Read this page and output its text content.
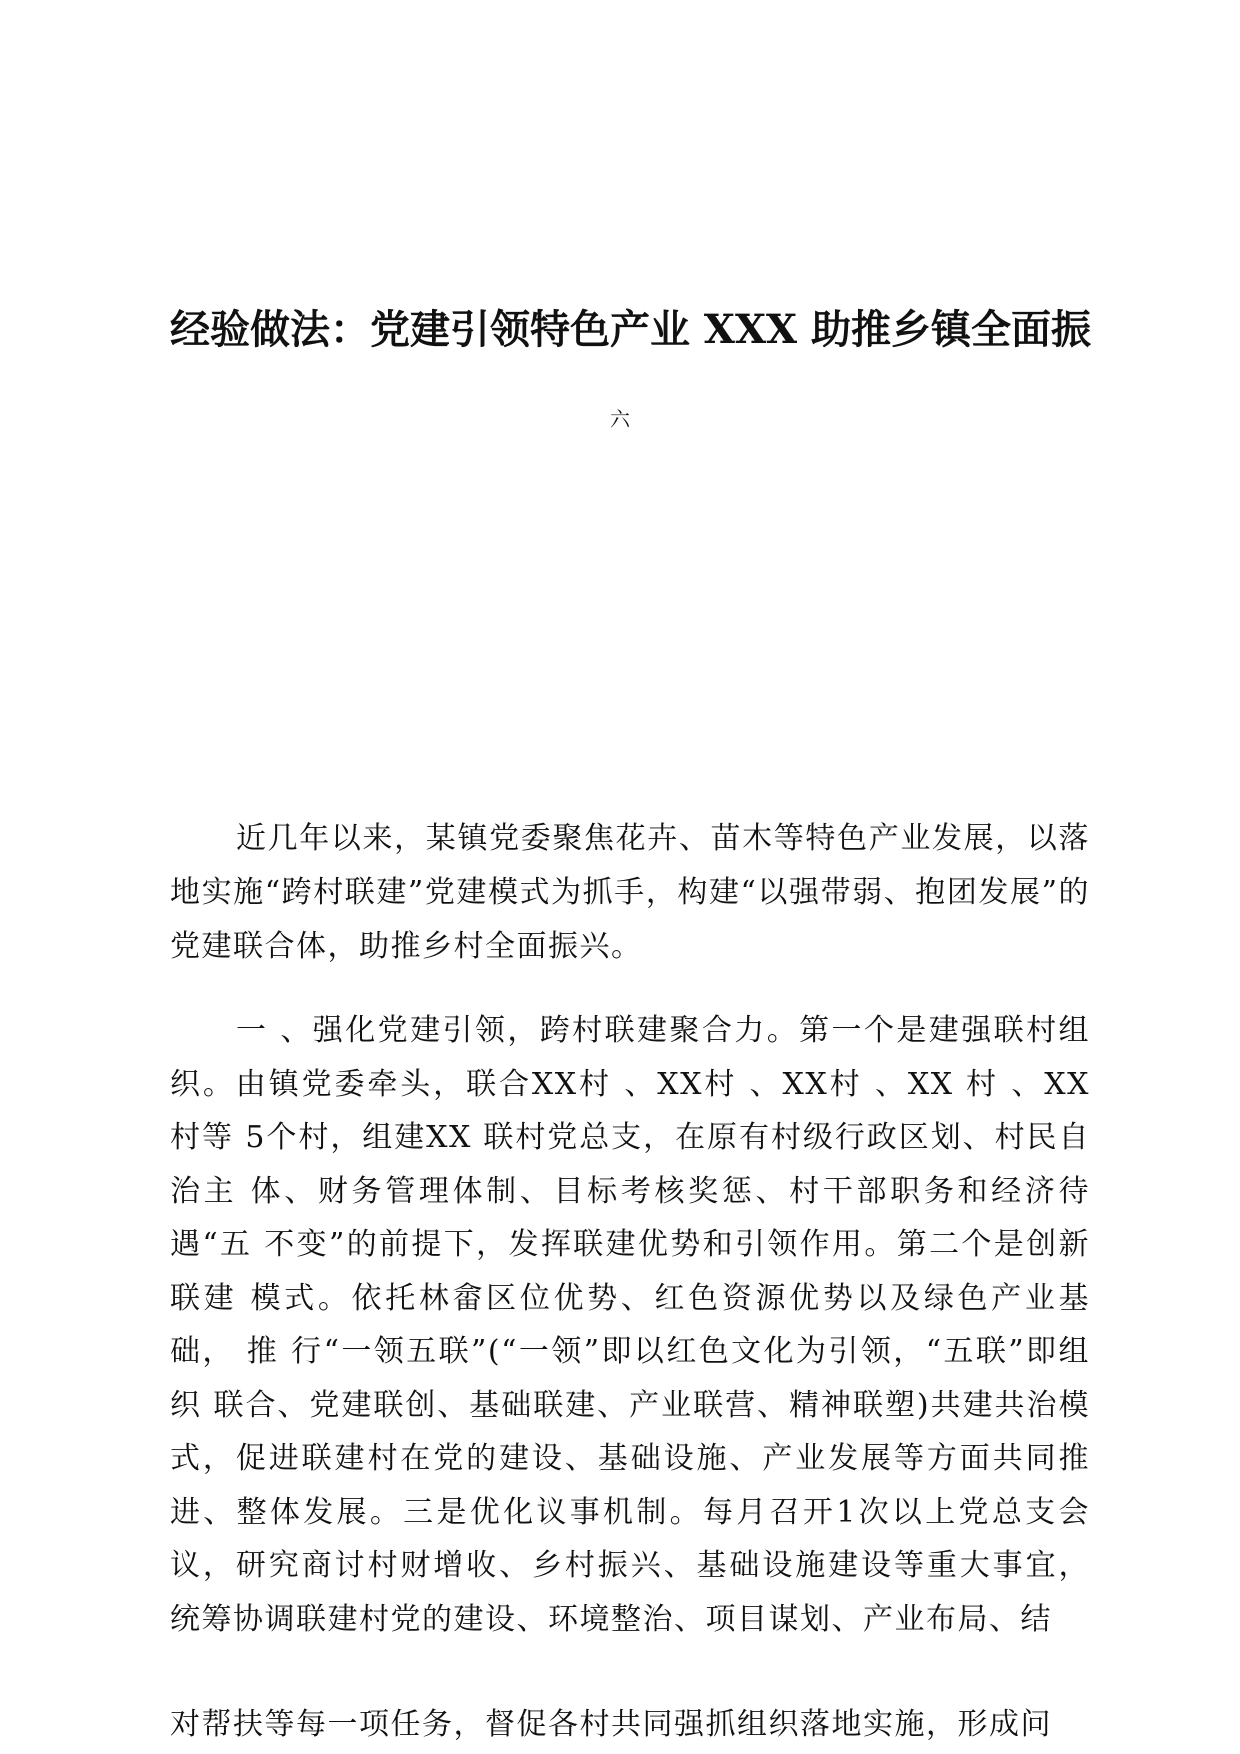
经验做法：党建引领特色产业 XXX 助推乡镇全面振
六

近几年以来，某镇党委聚焦花卉、苗木等特色产业发展，以落地实施“跨村联建”党建模式为抓手，构建“以强带弱、抱团发展”的党建联合体，助推乡村全面振兴。

一 、强化党建引领，跨村联建聚合力。第一个是建强联村组织。由镇党委牵头，联合XX村 、XX村 、XX村 、XX 村 、XX 村等 5个村，组建XX 联村党总支，在原有村级行政区划、村民自治主 体、财务管理体制、目标考核奖惩、村干部职务和经济待遇“五 不变”的前提下，发挥联建优势和引领作用。第二个是创新联建 模式。依托林畲区位优势、红色资源优势以及绿色产业基础， 推 行“一领五联”(“一领”即以红色文化为引领，“五联”即组织 联合、党建联创、基础联建、产业联营、精神联塑)共建共治模 式，促进联建村在党的建设、基础设施、产业发展等方面共同推 进、整体发展。三是优化议事机制。每月召开1次以上党总支会 议，研究商讨村财增收、乡村振兴、基础设施建设等重大事宜， 统筹协调联建村党的建设、环境整治、项目谋划、产业布局、结

对帮扶等每一项任务，督促各村共同强抓组织落地实施，形成问
